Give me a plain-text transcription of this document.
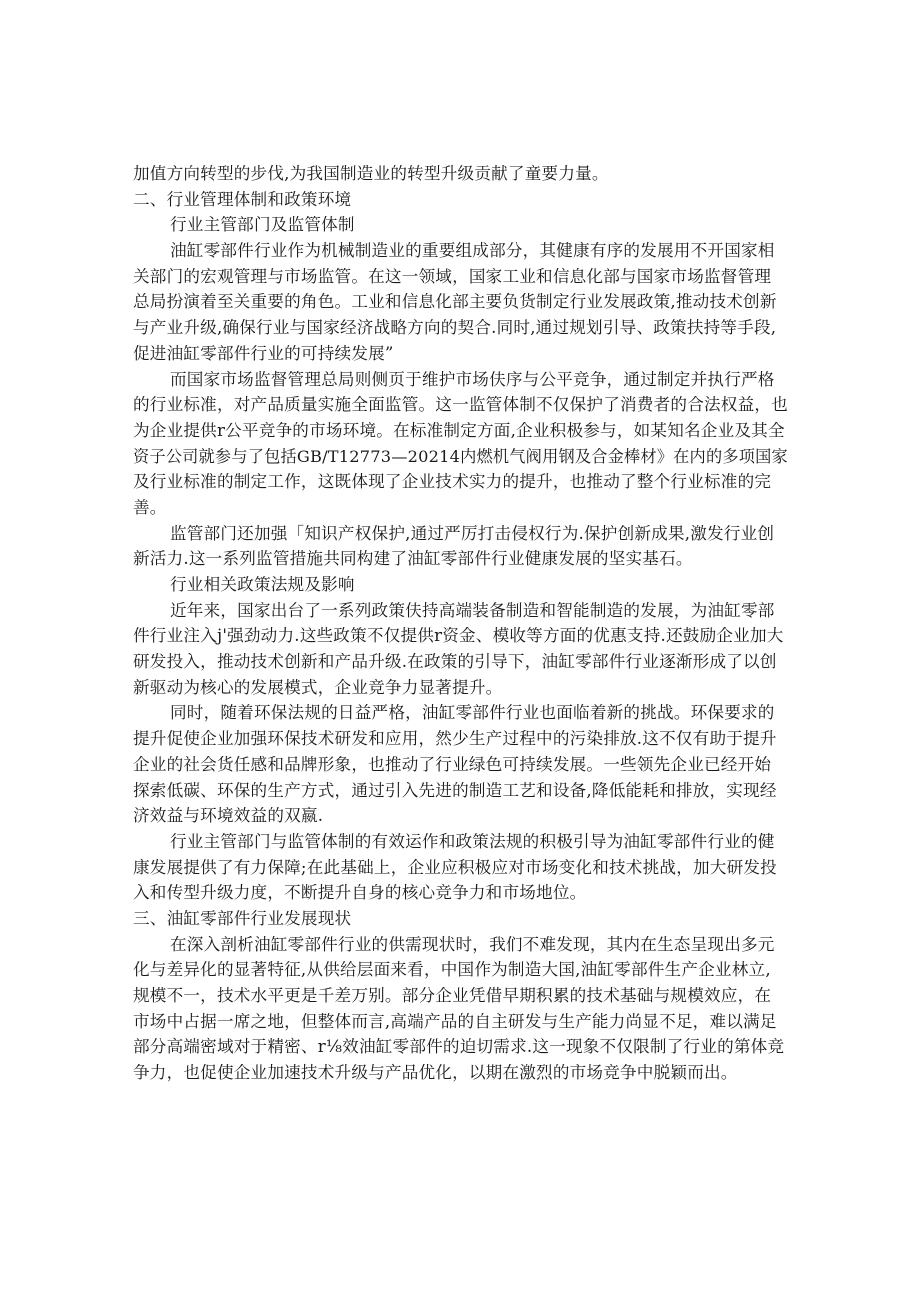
加值方向转型的步伐,为我国制造业的转型升级贡献了童要力量。
二、行业管理体制和政策环境
行业主管部门及监管体制
油缸零部件行业作为机械制造业的重要组成部分，其健康有序的发展用不开国家相
关部门的宏观管理与市场监管。在这一领域，国家工业和信息化部与国家市场监督管理
总局扮演着至关重要的角色。工业和信息化部主要负货制定行业发展政策,推动技术创新
与产业升级,确保行业与国家经济战略方向的契合.同时,通过规划引导、政策扶持等手段,
促进油缸零部件行业的可持续发展”
而国家市场监督管理总局则侧页于维护市场伕序与公平竞争，通过制定并执行严格
的行业标准，对产品质量实施全面监管。这一监管体制不仅保护了消费者的合法权益，也
为企业提供r公平竞争的市场环境。在标准制定方面,企业积极参与，如某知名企业及其全
资子公司就参与了包括GB/T12773—20214内燃机气阀用钢及合金棒材》在内的多项国家
及行业标准的制定工作，这既体现了企业技术实力的提升，也推动了整个行业标准的完
善。
监管部门还加强「知识产权保护,通过严厉打击侵权行为.保护创新成果,激发行业创
新活力.这一系列监管措施共同构建了油缸零部件行业健康发展的坚实基石。
行业相关政策法规及影响
近年来，国家出台了一系列政策伕持高端装备制造和智能制造的发展，为油缸零部
件行业注入j'强劲动力.这些政策不仅提供r资金、模收等方面的优惠支持.还鼓励企业加大
研发投入，推动技术创新和产品升级.在政策的引导下，油缸零部件行业逐渐形成了以创
新驱动为核心的发展模式，企业竞争力显著提升。
同时，随着环保法规的日益严格，油缸零部件行业也面临着新的挑战。环保要求的
提升促使企业加强环保技术研发和应用，然少生产过程中的污染排放.这不仅有助于提升
企业的社会货任感和品牌形象，也推动了行业绿色可持续发展。一些领先企业已经开始
探索低碳、环保的生产方式，通过引入先进的制造工艺和设备,降低能耗和排放，实现经
济效益与环境效益的双嬴.
行业主管部门与监管体制的有效运作和政策法规的积极引导为油缸零部件行业的健
康发展提供了有力保障;在此基础上，企业应积极应对市场变化和技术挑战，加大研发投
入和传型升级力度，不断提升自身的核心竞争力和市场地位。
三、油缸零部件行业发展现状
在深入剖析油缸零部件行业的供需现状时，我们不难发现，其内在生态呈现出多元
化与差异化的显著特征,从供给层面来看，中国作为制造大国,油缸零部件生产企业林立,
规模不一，技术水平更是千差万别。部分企业凭借早期积累的技术基础与规模效应，在
市场中占据一席之地，但整体而言,高端产品的自主研发与生产能力尚显不足，难以满足
部分高端密域对于精密、r⅛效油缸零部件的迫切需求.这一现象不仅限制了行业的第体竞
争力，也促使企业加速技术升级与产品优化，以期在激烈的市场竞争中脱颖而出。
